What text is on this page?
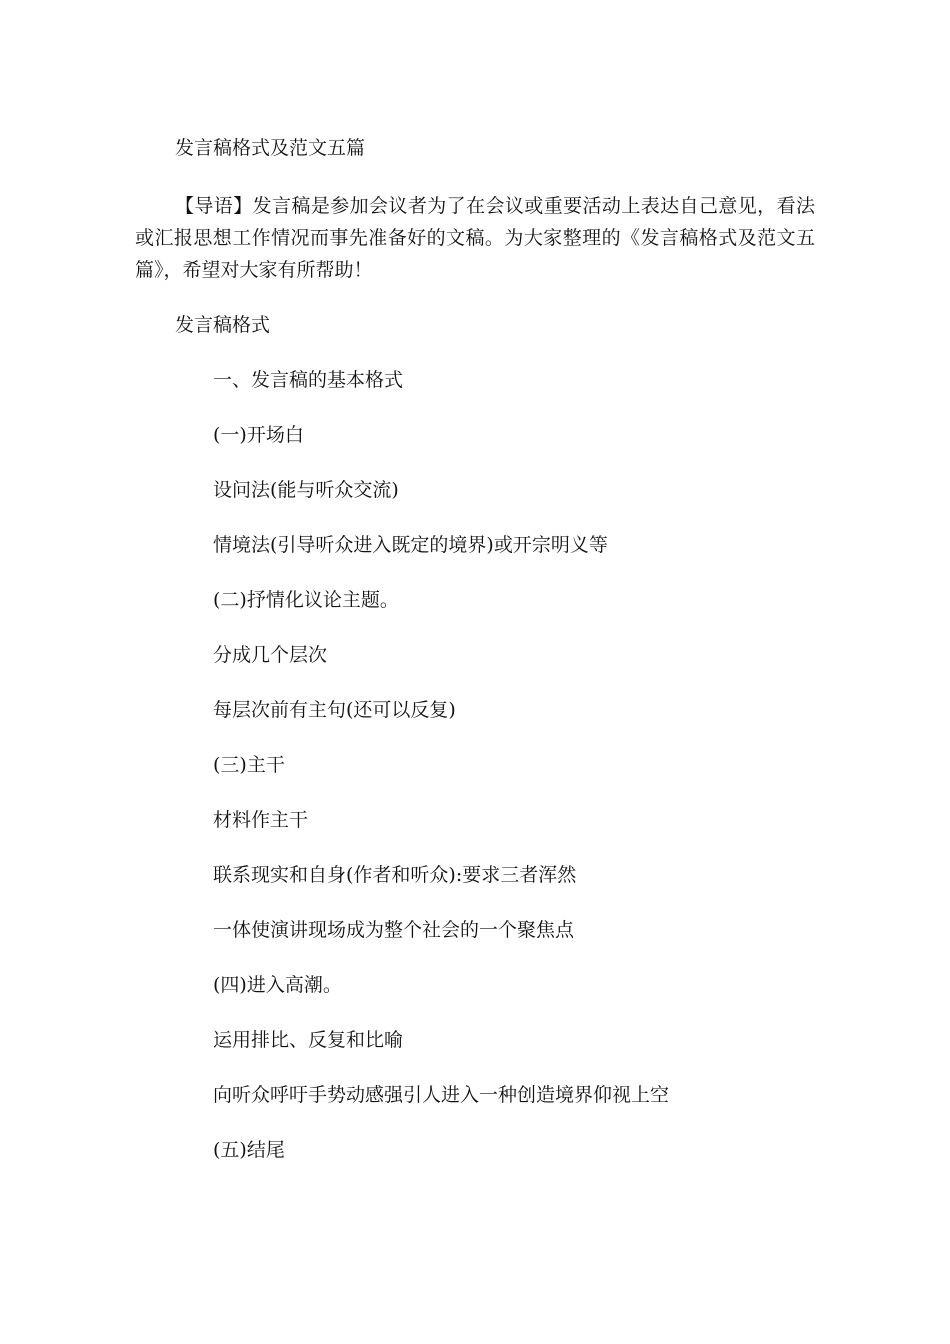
发言稿格式及范文五篇
【导语】发言稿是参加会议者为了在会议或重要活动上表达自己意见，看法或汇报思想工作情况而事先准备好的文稿。为大家整理的《发言稿格式及范文五篇》，希望对大家有所帮助！
发言稿格式
一、发言稿的基本格式
(一)开场白
设问法(能与听众交流)
情境法(引导听众进入既定的境界)或开宗明义等
(二)抒情化议论主题。
分成几个层次
每层次前有主句(还可以反复)
(三)主干
材料作主干
联系现实和自身(作者和听众):要求三者浑然
一体使演讲现场成为整个社会的一个聚焦点
(四)进入高潮。
运用排比、反复和比喻
向听众呼吁手势动感强引人进入一种创造境界仰视上空
(五)结尾
